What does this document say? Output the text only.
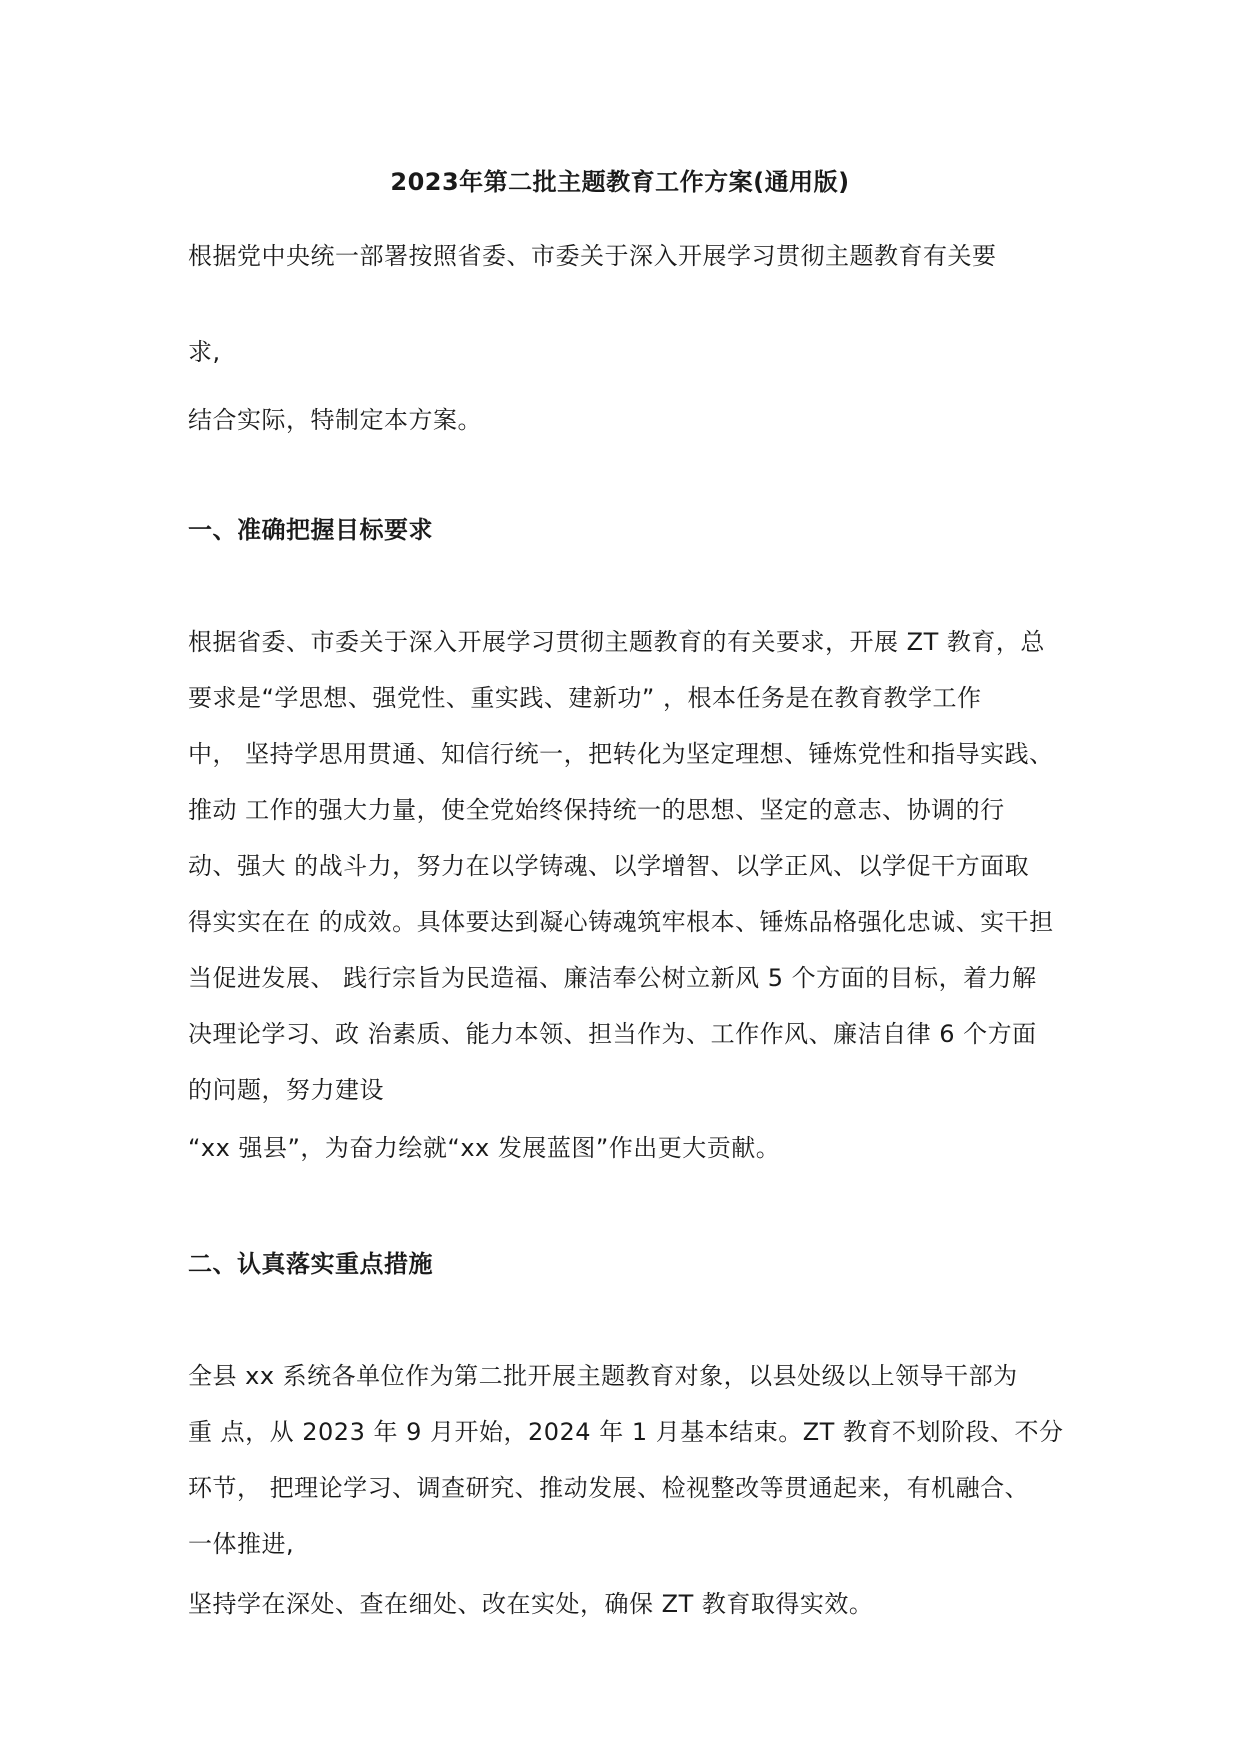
2023年第二批主题教育工作方案(通用版)
根据党中央统一部署按照省委、市委关于深入开展学习贯彻主题教育有关要
求,
结合实际，特制定本方案。
一、准确把握目标要求
根据省委、市委关于深入开展学习贯彻主题教育的有关要求，开展 ZT 教育，总
要求是“学思想、强党性、重实践、建新功” ，根本任务是在教育教学工作
中， 坚持学思用贯通、知信行统一，把转化为坚定理想、锤炼党性和指导实践、
推动 工作的强大力量，使全党始终保持统一的思想、坚定的意志、协调的行
动、强大 的战斗力，努力在以学铸魂、以学增智、以学正风、以学促干方面取
得实实在在 的成效。具体要达到凝心铸魂筑牢根本、锤炼品格强化忠诚、实干担
当促进发展、 践行宗旨为民造福、廉洁奉公树立新风 5 个方面的目标，着力解
决理论学习、政 治素质、能力本领、担当作为、工作作风、廉洁自律 6 个方面
的问题，努力建设
“xx 强县”，为奋力绘就“xx 发展蓝图”作出更大贡献。
二、认真落实重点措施
全县 xx 系统各单位作为第二批开展主题教育对象，以县处级以上领导干部为
重 点，从 2023 年 9 月开始，2024 年 1 月基本结束。ZT 教育不划阶段、不分
环节， 把理论学习、调查研究、推动发展、检视整改等贯通起来，有机融合、
一体推进,
坚持学在深处、查在细处、改在实处，确保 ZT 教育取得实效。
